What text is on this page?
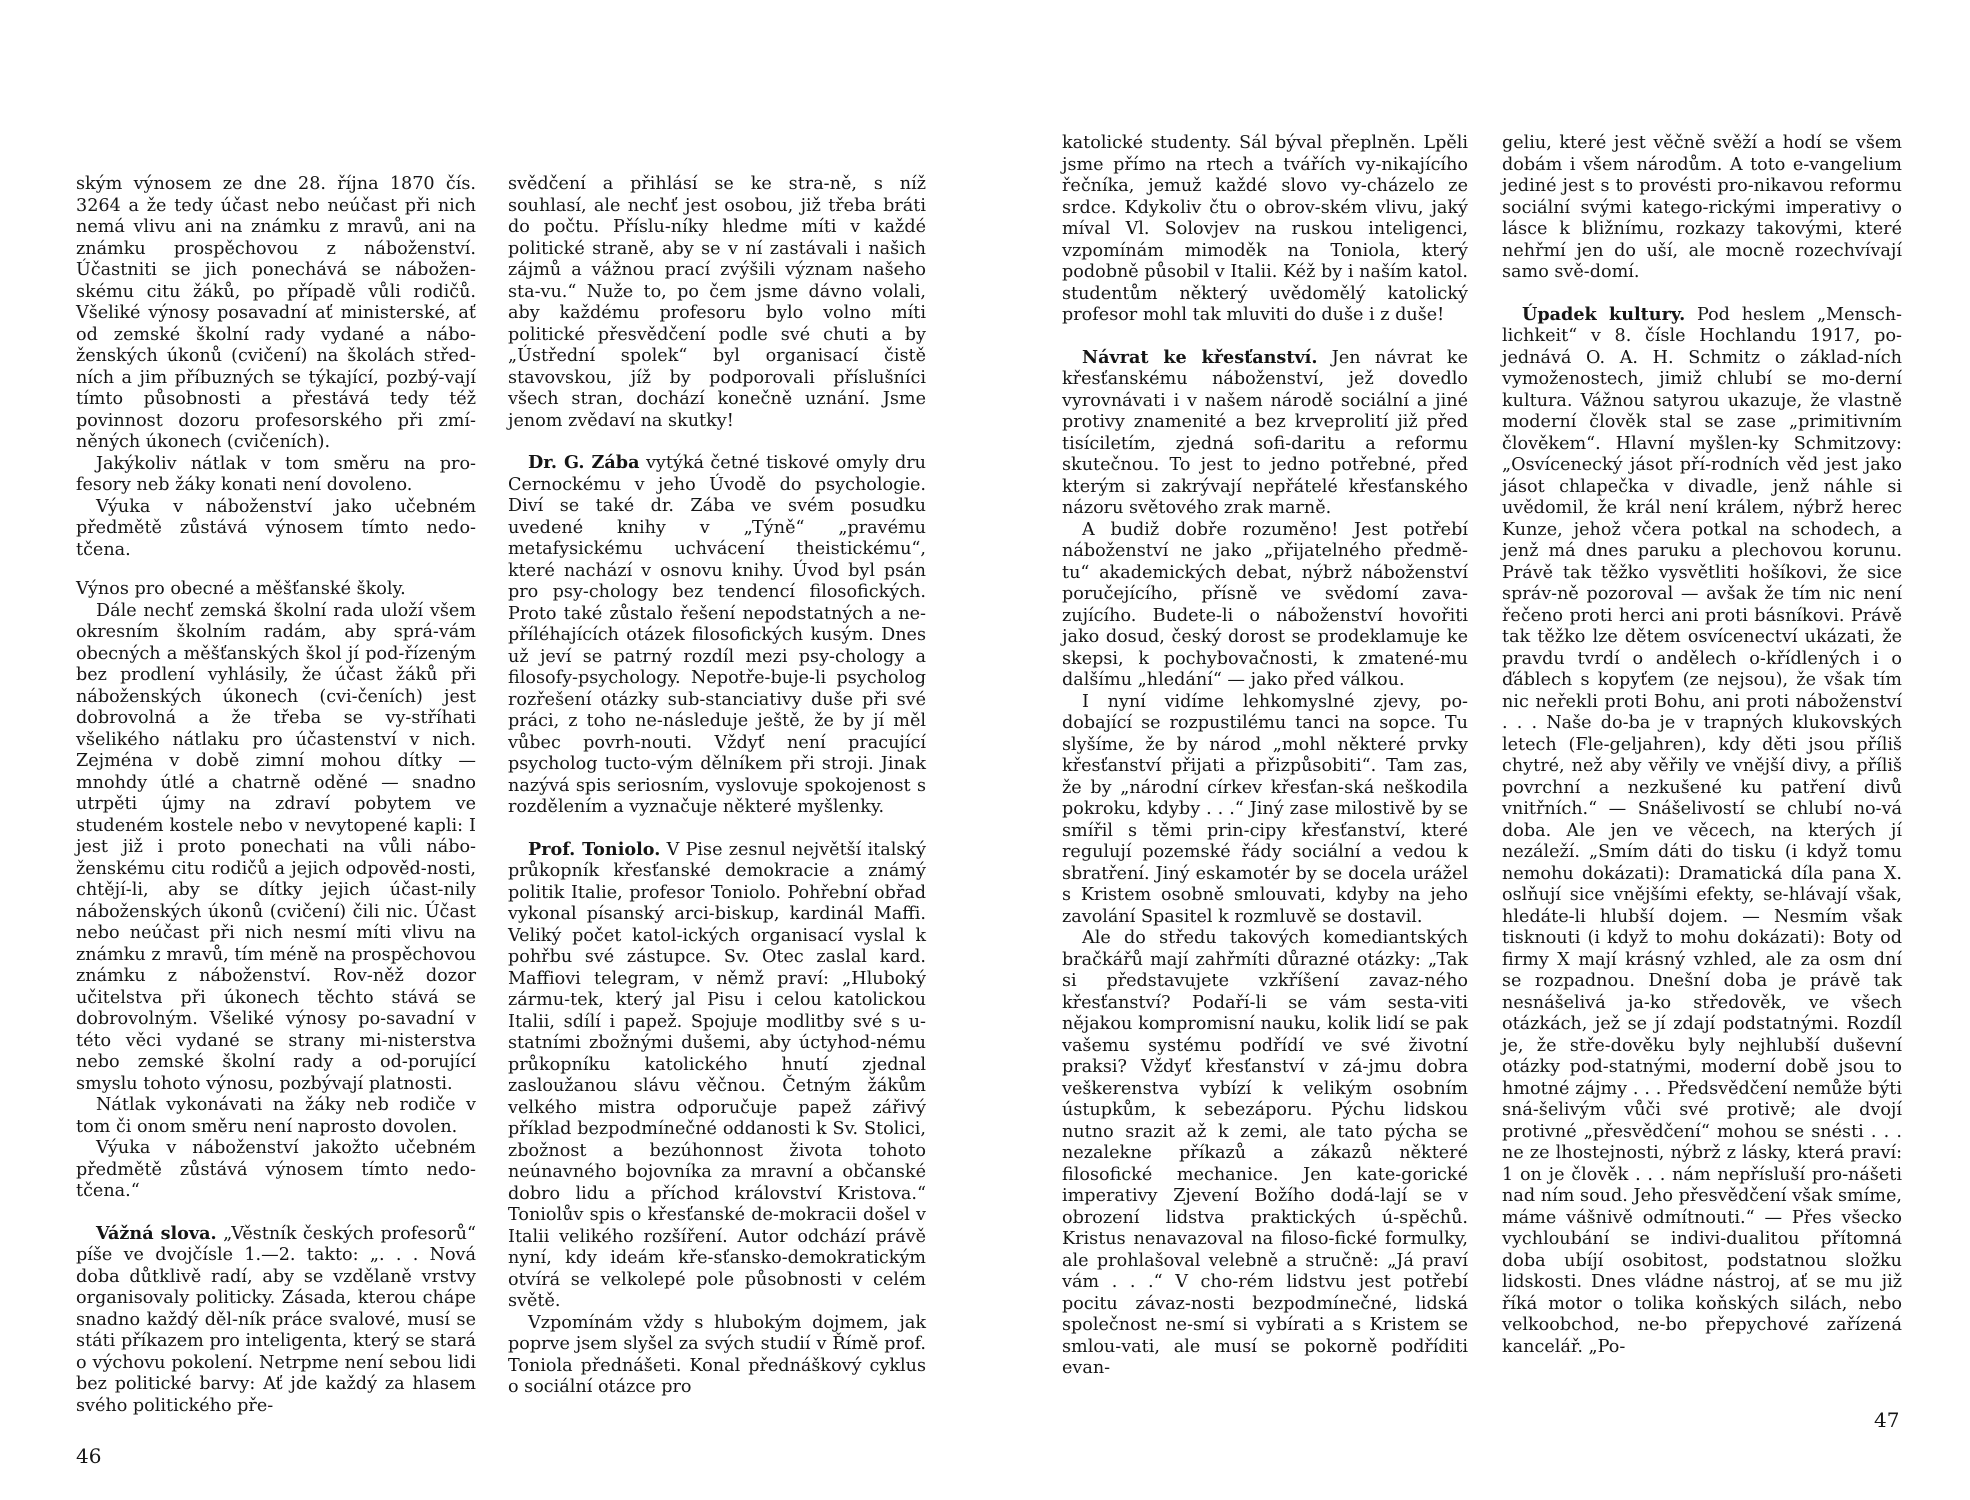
ským výnosem ze dne 28. října 1870 čís. 3264 a že tedy účast nebo neúčast při nich nemá vlivu ani na známku z mravů, ani na známku prospěchovou z náboženství. Účastniti se jich ponechává se nábožen-skému citu žáků, po případě vůli rodičů. Všeliké výnosy posavadní ať ministerské, ať od zemské školní rady vydané a nábo-ženských úkonů (cvičení) na školách střed-ních a jim příbuzných se týkající, pozbý-vají tímto působnosti a přestává tedy též povinnost dozoru profesorského při zmí-něných úkonech (cvičeních).

Jakýkoliv nátlak v tom směru na pro-fesory neb žáky konati není dovoleno.

Výuka v náboženství jako učebném předmětě zůstává výnosem tímto nedo-tčena.

Výnos pro obecné a měšťanské školy.

Dále nechť zemská školní rada uloží všem okresním školním radám, aby sprá-vám obecných a měšťanských škol jí pod-řízeným bez prodlení vyhlásily, že účast žáků při náboženských úkonech (cvi-čeních) jest dobrovolná a že třeba se vy-stříhati všelikého nátlaku pro účastenství v nich. Zejména v době zimní mohou dítky — mnohdy útlé a chatrně oděné — snadno utrpěti újmy na zdraví pobytem ve studeném kostele nebo v nevytopené kapli: I jest již i proto ponechati na vůli nábo-ženskému citu rodičů a jejich odpověd-nosti, chtějí-li, aby se dítky jejich účast-nily náboženských úkonů (cvičení) čili nic. Účast nebo neúčast při nich nesmí míti vlivu na známku z mravů, tím méně na prospěchovou známku z náboženství. Rov-něž dozor učitelstva při úkonech těchto stává se dobrovolným. Všeliké výnosy po-savadní v této věci vydané se strany mi-nisterstva nebo zemské školní rady a od-porující smyslu tohoto výnosu, pozbývají platnosti.

Nátlak vykonávati na žáky neb rodiče v tom či onom směru není naprosto dovolen.

Výuka v náboženství jakožto učebném předmětě zůstává výnosem tímto nedo-tčena.“

Vážná slova. „Věstník českých profesorů“ píše ve dvojčísle 1.—2. takto: „. . . Nová doba důtklivě radí, aby se vzdělaně vrstvy organisovaly politicky. Zásada, kterou chápe snadno každý děl-ník práce svalové, musí se státi příkazem pro inteligenta, který se stará o výchovu pokolení. Netrpme není sebou lidi bez politické barvy: Ať jde každý za hlasem svého politického pře-

svědčení a přihlásí se ke stra-ně, s níž souhlasí, ale nechť jest osobou, již třeba bráti do počtu. Příslu-níky hledme míti v každé politické straně, aby se v ní zastávali i našich zájmů a vážnou prací zvýšili význam našeho sta-vu.“ Nuže to, po čem jsme dávno volali, aby každému profesoru bylo volno míti politické přesvědčení podle své chuti a by „Ústřední spolek“ byl organisací čistě stavovskou, jíž by podporovali příslušníci všech stran, dochází konečně uznání. Jsme jenom zvědaví na skutky!

Dr. G. Zába vytýká četné tiskové omyly dru Cernockému v jeho Úvodě do psychologie. Diví se také dr. Zába ve svém posudku uvedené knihy v „Týně“ „pravému metafysickému uchvácení theistickému“, které nachází v osnovu knihy. Úvod byl psán pro psy-chology bez tendencí filosofických. Proto také zůstalo řešení nepodstatných a ne-příléhajících otázek filosofických kusým. Dnes už jeví se patrný rozdíl mezi psy-chology a filosofy-psychology. Nepotře-buje-li psycholog rozřešení otázky sub-stanciativy duše při své práci, z toho ne-následuje ještě, že by jí měl vůbec povrh-nouti. Vždyť není pracující psycholog tucto-vým dělníkem při stroji. Jinak nazývá spis seriosním, vyslovuje spokojenost s rozdělením a vyznačuje některé myšlenky.

Prof. Toniolo. V Pise zesnul největší italský průkopník křesťanské demokracie a známý politik Italie, profesor Toniolo. Pohřební obřad vykonal písanský arci-biskup, kardinál Maffi. Veliký počet katol-ických organisací vyslal k pohřbu své zástupce. Sv. Otec zaslal kard. Maffiovi telegram, v němž praví: „Hluboký zármu-tek, který jal Pisu i celou katolickou Italii, sdílí i papež. Spojuje modlitby své s u-statními zbožnými dušemi, aby úctyhod-nému průkopníku katolického hnutí zjednal zasloužanou slávu věčnou. Četným žákům velkého mistra odporučuje papež zářivý příklad bezpodmínečné oddanosti k Sv. Stolici, zbožnost a bezúhonnost života tohoto neúnavného bojovníka za mravní a občanské dobro lidu a příchod království Kristova.“ Toniolův spis o křesťanské de-mokracii došel v Italii velikého rozšíření. Autor odchází právě nyní, kdy ideám kře-sťansko-demokratickým otvírá se velkolepé pole působnosti v celém světě.

Vzpomínám vždy s hlubokým dojmem, jak poprve jsem slyšel za svých studií v Římě prof. Toniola přednášeti. Konal přednáškový cyklus o sociální otázce pro

46

katolické studenty. Sál býval přeplněn. Lpěli jsme přímo na rtech a tvářích vy-nikajícího řečníka, jemuž každé slovo vy-cházelo ze srdce. Kdykoliv čtu o obrov-ském vlivu, jaký míval Vl. Solovjev na ruskou inteligenci, vzpomínám mimoděk na Toniola, který podobně působil v Italii. Kéž by i naším katol. studentům některý uvědomělý katolický profesor mohl tak mluviti do duše i z duše!

Návrat ke křesťanství. Jen návrat ke křesťanskému náboženství, jež dovedlo vyrovnávati i v našem národě sociální a jiné protivy znamenité a bez krveprolití již před tisíciletím, zjedná sofi-daritu a reformu skutečnou. To jest to jedno potřebné, před kterým si zakrývají nepřátelé křesťanského názoru světového zrak marně.

A budiž dobře rozuměno! Jest potřebí náboženství ne jako „přijatelného předmě-tu“ akademických debat, nýbrž náboženství poručejícího, přísně ve svědomí zava-zujícího. Budete-li o náboženství hovořiti jako dosud, český dorost se prodeklamuje ke skepsi, k pochybovačnosti, k zmatené-mu dalšímu „hledání“ — jako před válkou.

I nyní vidíme lehkomyslné zjevy, po-dobající se rozpustilému tanci na sopce. Tu slyšíme, že by národ „mohl některé prvky křesťanství přijati a přizpůsobiti“. Tam zas, že by „národní církev křesťan-ská neškodila pokroku, kdyby . . .“ Jiný zase milostivě by se smířil s těmi prin-cipy křesťanství, které regulují pozemské řády sociální a vedou k sbratření. Jiný eskamotér by se docela urážel s Kristem osobně smlouvati, kdyby na jeho zavolání Spasitel k rozmluvě se dostavil.

Ale do středu takových komediantských bračkářů mají zahřmíti důrazné otázky: „Tak si představujete vzkříšení zavaz-ného křesťanství? Podaří-li se vám sesta-viti nějakou kompromisní nauku, kolik lidí se pak vašemu systému podřídí ve své životní praksi? Vždyť křesťanství v zá-jmu dobra veškerenstva vybízí k velikým osobním ústupkům, k sebezáporu. Pýchu lidskou nutno srazit až k zemi, ale tato pýcha se nezalekne příkazů a zákazů některé filosofické mechanice. Jen kate-gorické imperativy Zjevení Božího dodá-lají se v obrození lidstva praktických ú-spěchů. Kristus nenavazoval na filoso-fické formulky, ale prohlašoval velebně a stručně: „Já praví vám . . .“ V cho-rém lidstvu jest potřebí pocitu závaz-nosti bezpodmínečné, lidská společnost ne-smí si vybírati a s Kristem se smlou-vati, ale musí se pokorně podříditi evan-

geliu, které jest věčně svěží a hodí se všem dobám i všem národům. A toto e-vangelium jediné jest s to provésti pro-nikavou reformu sociální svými katego-rickými imperativy o lásce k bližnímu, rozkazy takovými, které nehřmí jen do uší, ale mocně rozechvívají samo svě-domí.

Úpadek kultury. Pod heslem „Mensch-lichkeit“ v 8. čísle Hochlandu 1917, po-jednává O. A. H. Schmitz o základ-ních vymoženostech, jimiž chlubí se mo-derní kultura. Vážnou satyrou ukazuje, že vlastně moderní člověk stal se zase „primitivním člověkem“. Hlavní myšlen-ky Schmitzovy: „Osvícenecký jásot pří-rodních věd jest jako jásot chlapečka v divadle, jenž náhle si uvědomil, že král není králem, nýbrž herec Kunze, jehož včera potkal na schodech, a jenž má dnes paruku a plechovou korunu. Právě tak těžko vysvětliti hošíkovi, že sice správ-ně pozoroval — avšak že tím nic není řečeno proti herci ani proti básníkovi. Právě tak těžko lze dětem osvícenectví ukázati, že pravdu tvrdí o andělech o-křídlených i o ďáblech s kopyťem (ze nejsou), že však tím nic neřekli proti Bohu, ani proti náboženství . . . Naše do-ba je v trapných klukovských letech (Fle-geljahren), kdy děti jsou příliš chytré, než aby věřily ve vnější divy, a příliš povrchní a nezkušené ku patření divů vnitřních.“ — Snášelivostí se chlubí no-vá doba. Ale jen ve věcech, na kterých jí nezáleží. „Smím dáti do tisku (i když tomu nemohu dokázati): Dramatická díla pana X. oslňují sice vnějšími efekty, se-hlávají však, hledáte-li hlubší dojem. — Nesmím však tisknouti (i když to mohu dokázati): Boty od firmy X mají krásný vzhled, ale za osm dní se rozpadnou. Dnešní doba je právě tak nesnášelivá ja-ko středověk, ve všech otázkách, jež se jí zdají podstatnými. Rozdíl je, že stře-dověku byly nejhlubší duševní otázky pod-statnými, moderní době jsou to hmotné zájmy . . . Předsvědčení nemůže býti sná-šelivým vůči své protivě; ale dvojí protivné „přesvědčení“ mohou se snésti . . . ne ze lhostejnosti, nýbrž z lásky, která praví: 1 on je člověk . . . nám nepřísluší pro-nášeti nad ním soud. Jeho přesvědčení však smíme, máme vášnivě odmítnouti.“ — Přes všecko vychloubání se indivi-dualitou přítomná doba ubíjí osobitost, podstatnou složku lidskosti. Dnes vládne nástroj, ať se mu již říká motor o tolika koňských silách, nebo velkoobchod, ne-bo přepychové zařízená kancelář. „Po-

47
